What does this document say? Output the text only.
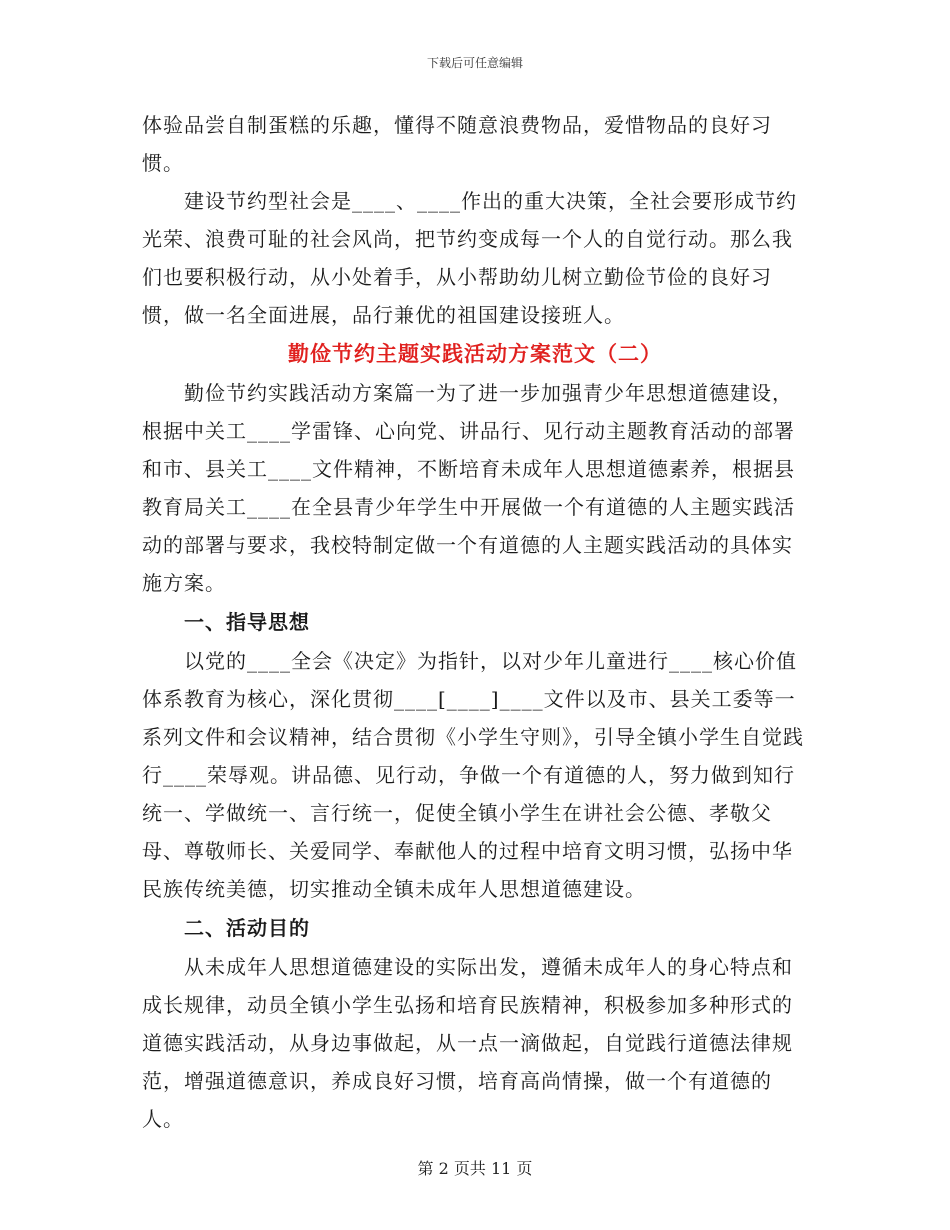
下载后可任意编辑

体验品尝自制蛋糕的乐趣，懂得不随意浪费物品，爱惜物品的良好习惯。

建设节约型社会是____、____作出的重大决策，全社会要形成节约光荣、浪费可耻的社会风尚，把节约变成每一个人的自觉行动。那么我们也要积极行动，从小处着手，从小帮助幼儿树立勤俭节俭的良好习惯，做一名全面进展，品行兼优的祖国建设接班人。

勤俭节约主题实践活动方案范文（二）

勤俭节约实践活动方案篇一为了进一步加强青少年思想道德建设，根据中关工____学雷锋、心向党、讲品行、见行动主题教育活动的部署和市、县关工____文件精神，不断培育未成年人思想道德素养，根据县教育局关工____在全县青少年学生中开展做一个有道德的人主题实践活动的部署与要求，我校特制定做一个有道德的人主题实践活动的具体实施方案。

一、指导思想

以党的____全会《决定》为指针，以对少年儿童进行____核心价值体系教育为核心，深化贯彻____[____]____文件以及市、县关工委等一系列文件和会议精神，结合贯彻《小学生守则》，引导全镇小学生自觉践行____荣辱观。讲品德、见行动，争做一个有道德的人，努力做到知行统一、学做统一、言行统一，促使全镇小学生在讲社会公德、孝敬父母、尊敬师长、关爱同学、奉献他人的过程中培育文明习惯，弘扬中华民族传统美德，切实推动全镇未成年人思想道德建设。

二、活动目的

从未成年人思想道德建设的实际出发，遵循未成年人的身心特点和成长规律，动员全镇小学生弘扬和培育民族精神，积极参加多种形式的道德实践活动，从身边事做起，从一点一滴做起，自觉践行道德法律规范，增强道德意识，养成良好习惯，培育高尚情操，做一个有道德的人。

第 2 页共 11 页
